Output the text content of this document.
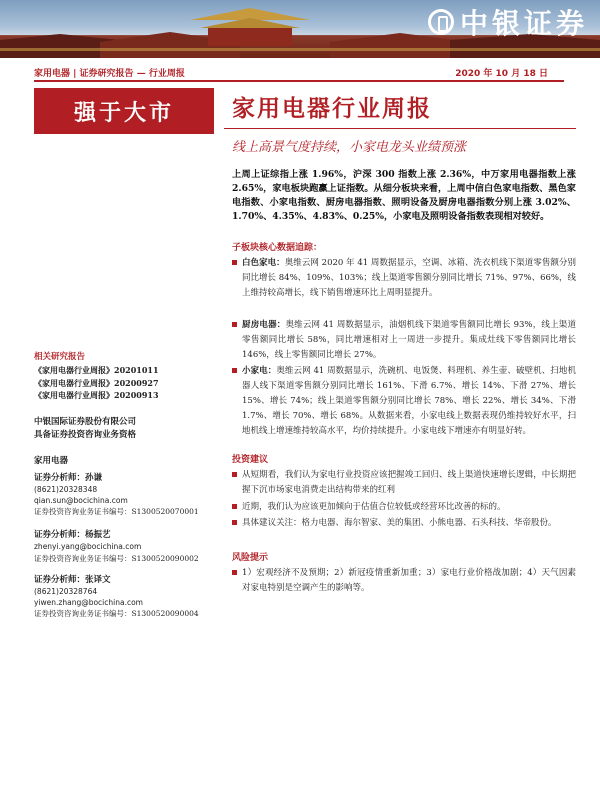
中银证券
家用电器 | 证券研究报告 — 行业周报	2020 年 10 月 18 日
强于大市
相关研究报告
《家用电器行业周报》20201011
《家用电器行业周报》20200927
《家用电器行业周报》20200913
中银国际证券股份有限公司
具备证券投资咨询业务资格
家用电器
证券分析师：孙谦
(8621)20328348
qian.sun@bocichina.com
证券投资咨询业务证书编号：S1300520070001
证券分析师：杨振艺
zhenyi.yang@bocichina.com
证券投资咨询业务证书编号：S1300520090002
证券分析师：张译文
(8621)20328764
yiwen.zhang@bocichina.com
证券投资咨询业务证书编号：S1300520090004
家用电器行业周报
线上高景气度持续，小家电龙头业绩预涨
上周上证综指上涨 1.96%，沪深 300 指数上涨 2.36%，中万家用电器指数上涨 2.65%，家电板块跑赢上证指数。从细分板块来看，上周中信白色家电指数、黑色家电指数、小家电指数、厨房电器指数、照明设备及厨房电器指数分别上涨 3.02%、1.70%、4.35%、4.83%、0.25%，小家电及照明设备指数表现相对较好。
子板块核心数据追踪：
白色家电：奥维云网 2020 年 41 周数据显示，空调、冰箱、洗衣机线下渠道零售额分别同比增长 84%、109%、103%；线上渠道零售额分别同比增长 71%、97%、66%，线上维持较高增长，线下销售增速环比上周明显提升。
厨房电器：奥维云网 41 周数据显示，油烟机线下渠道零售额同比增长 93%，线上渠道零售额同比增长 58%，同比增速相对上一周进一步提升。集成灶线下零售额同比增长 146%，线上零售额同比增长 27%。
小家电：奥维云网 41 周数据显示，洗碗机、电饭煲、料理机、养生壶、破壁机、扫地机器人线下渠道零售额分别同比增长 161%、下滑 6.7%、增长 14%、下滑 27%、增长 15%、增长 74%；线上渠道零售额分别同比增长 78%、增长 22%、增长 34%、下滑 1.7%、增长 70%、增长 68%。从数据来看，小家电线上数据表现仍维持较好水平，扫地机线上增速维持较高水平，均价持续提升。小家电线下增速亦有明显好转。
投资建议
从短期看，我们认为家电行业投资应该把握竣工回归、线上渠道快速增长逻辑，中长期把握下沉市场家电消费走出结构带来的红利
近期，我们认为应该更加倾向于估值合位较低或经营环比改善的标的。
具体建议关注：格力电器、海尔智家、美的集团、小熊电器、石头科技、华帝股份。
风险提示
1）宏观经济不及预期；2）新冠疫情重新加重；3）家电行业价格战加剧；4）天气因素对家电特别是空调产生的影响等。
